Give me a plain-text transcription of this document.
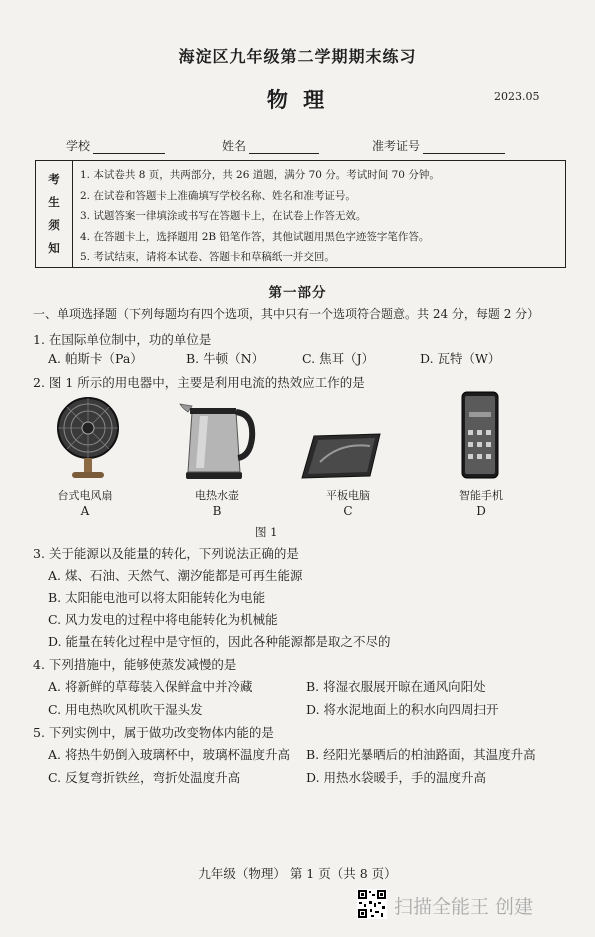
海淀区九年级第二学期期末练习
物 理	2023.05
学校	姓名	准考证号
考
生
须
知
1. 本试卷共 8 页，共两部分，共 26 道题，满分 70 分。考试时间 70 分钟。
2. 在试卷和答题卡上准确填写学校名称、姓名和准考证号。
3. 试题答案一律填涂或书写在答题卡上，在试卷上作答无效。
4. 在答题卡上，选择题用 2B 铅笔作答，其他试题用黑色字迹签字笔作答。
5. 考试结束，请将本试卷、答题卡和草稿纸一并交回。
第一部分
一、单项选择题（下列每题均有四个选项，其中只有一个选项符合题意。共 24 分，每题 2 分）
1. 在国际单位制中，功的单位是
A. 帕斯卡（Pa）	B. 牛顿（N）	C. 焦耳（J）	D. 瓦特（W）
2. 图 1 所示的用电器中，主要是利用电流的热效应工作的是
台式电风扇	电热水壶	平板电脑	智能手机
A	B	C	D
图 1
3. 关于能源以及能量的转化，下列说法正确的是
A. 煤、石油、天然气、潮汐能都是可再生能源
B. 太阳能电池可以将太阳能转化为电能
C. 风力发电的过程中将电能转化为机械能
D. 能量在转化过程中是守恒的，因此各种能源都是取之不尽的
4. 下列措施中，能够使蒸发减慢的是
A. 将新鲜的草莓装入保鲜盒中并冷藏	B. 将湿衣服展开晾在通风向阳处
C. 用电热吹风机吹干湿头发	D. 将水泥地面上的积水向四周扫开
5. 下列实例中，属于做功改变物体内能的是
A. 将热牛奶倒入玻璃杯中，玻璃杯温度升高 B. 经阳光暴晒后的柏油路面，其温度升高
C. 反复弯折铁丝，弯折处温度升高	D. 用热水袋暖手，手的温度升高
九年级（物理） 第 1 页（共 8 页）
扫描全能王 创建
